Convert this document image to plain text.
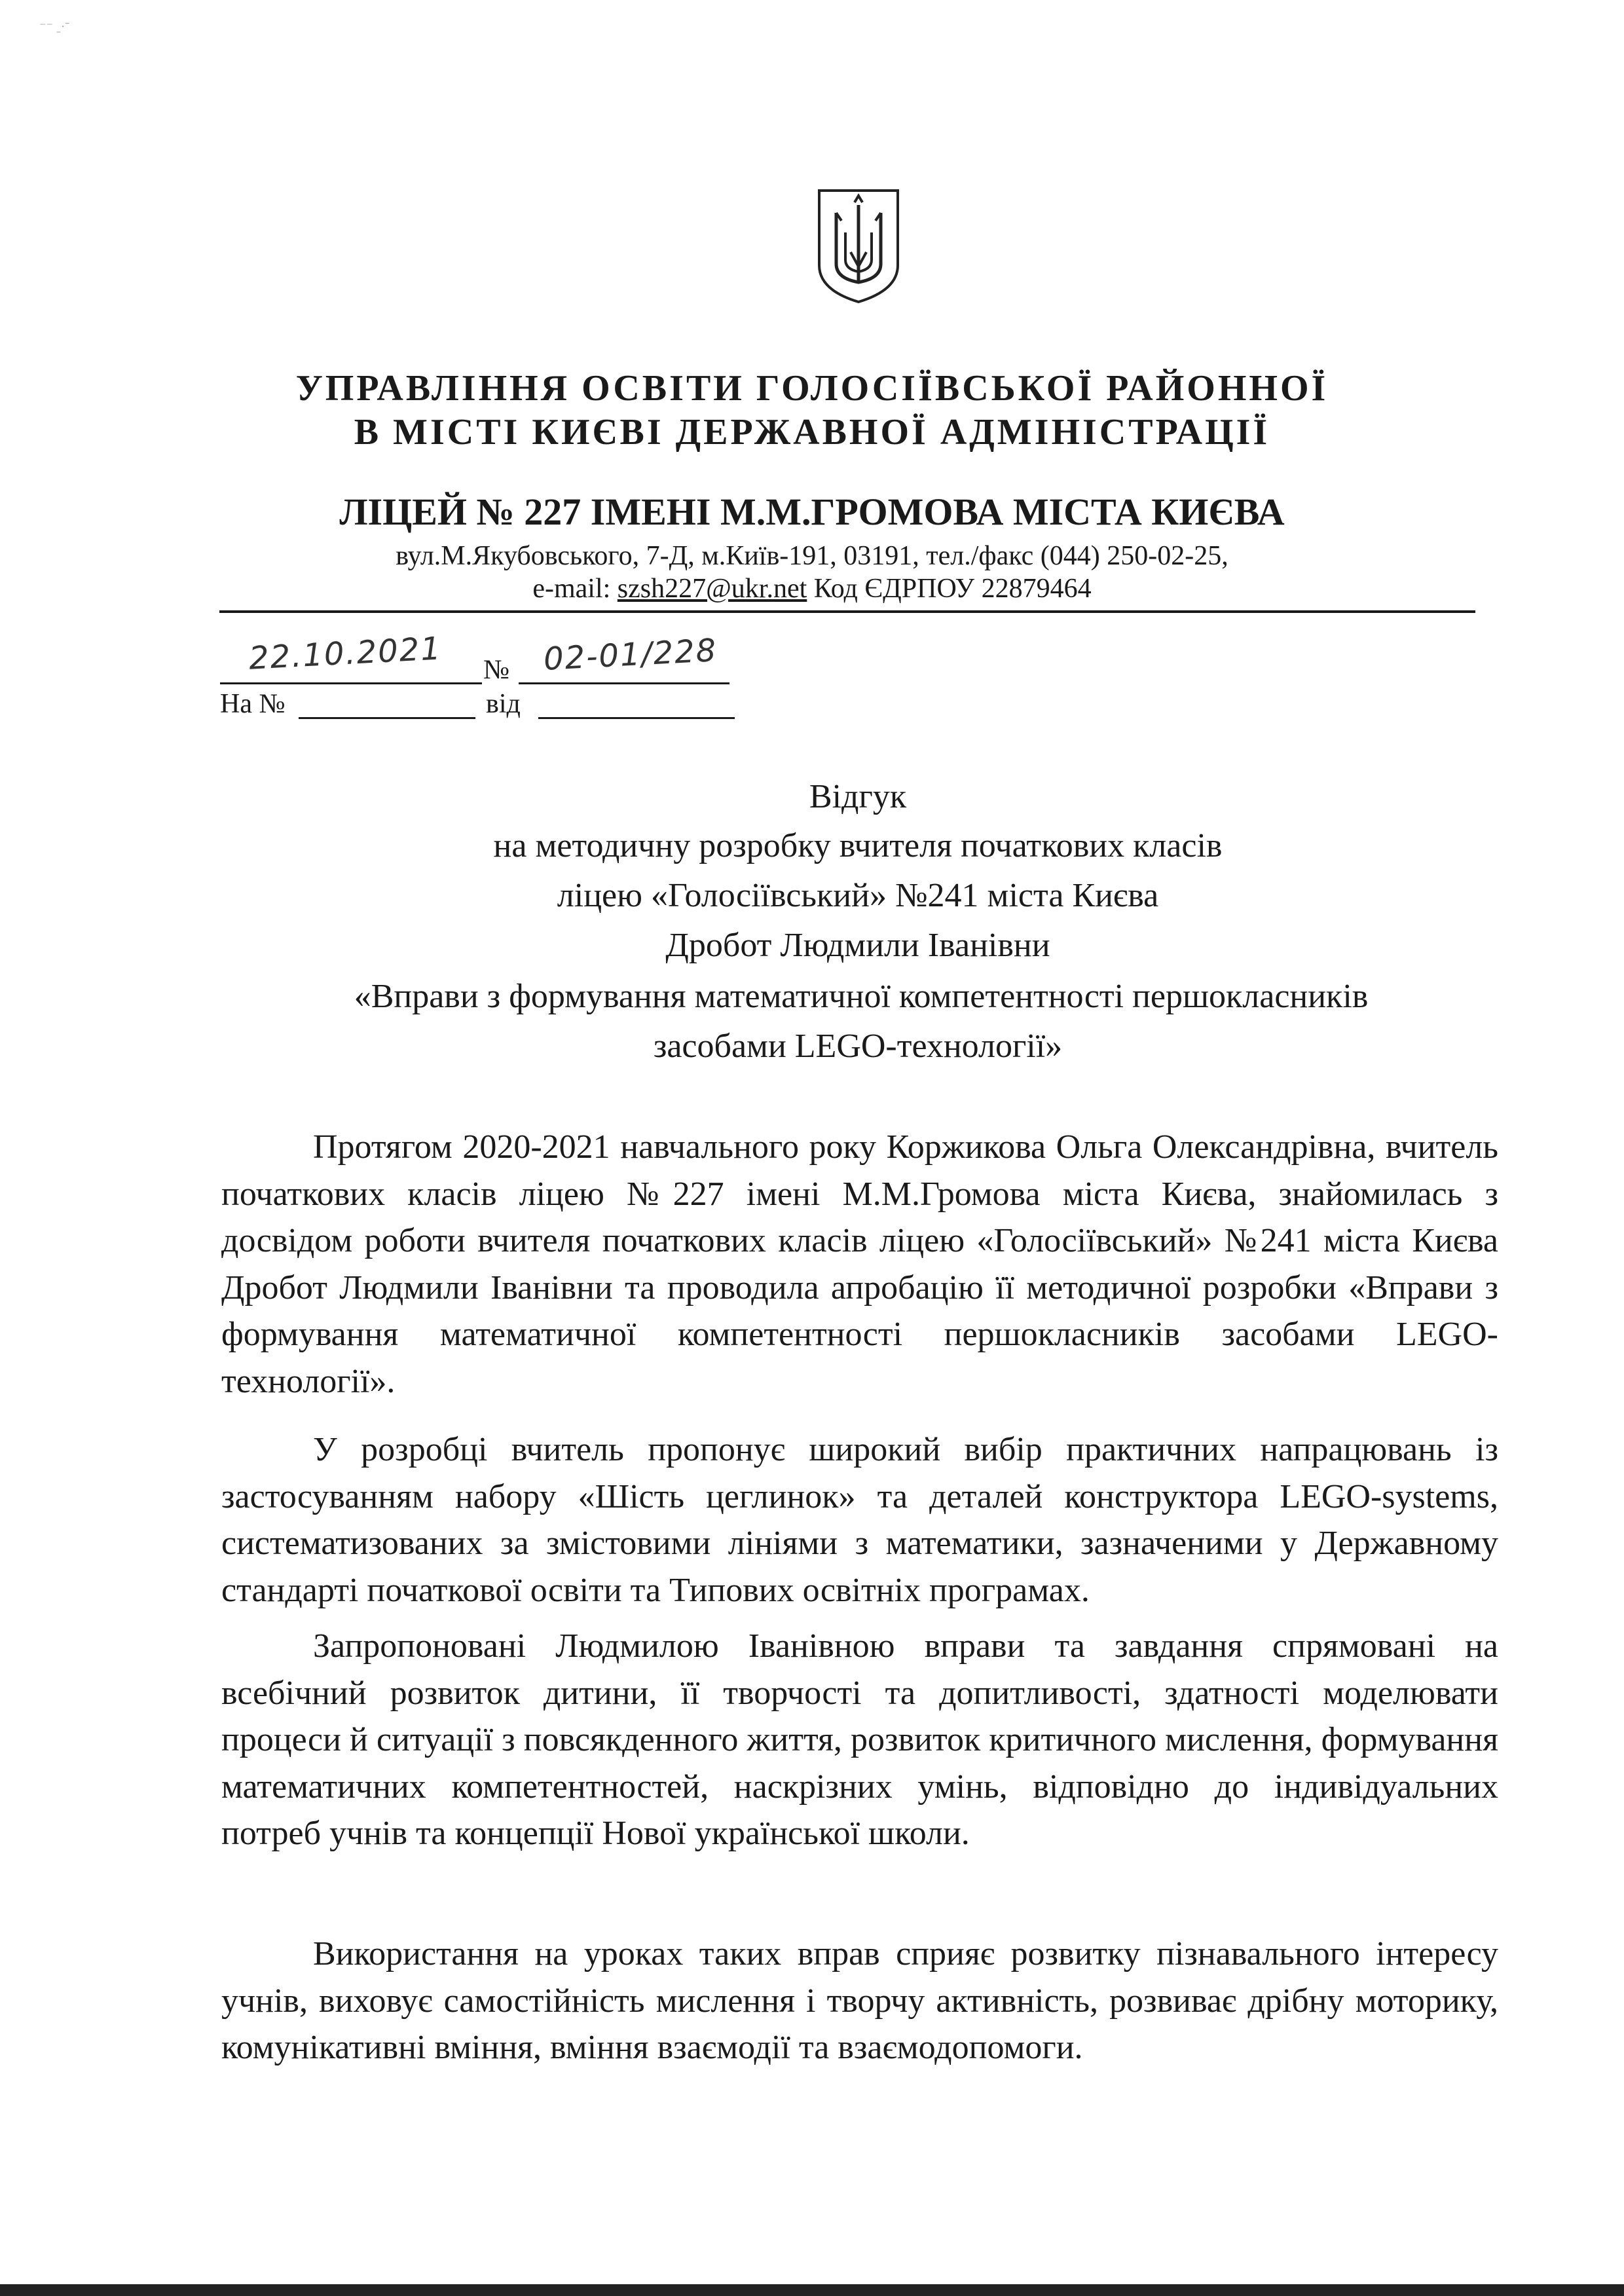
⁻⁻ ˍ·ˉ
УПРАВЛІННЯ ОСВІТИ ГОЛОСІЇВСЬКОЇ РАЙОННОЇ
В МІСТІ КИЄВІ ДЕРЖАВНОЇ АДМІНІСТРАЦІЇ
ЛІЦЕЙ № 227 ІМЕНІ М.М.ГРОМОВА МІСТА КИЄВА
вул.М.Якубовського, 7-Д, м.Київ-191, 03191, тел./факс (044) 250-02-25,
e-mail: szsh227@ukr.net Код ЄДРПОУ 22879464
22.10.2021 № 02-01/228
На №	від
Відгук
на методичну розробку вчителя початкових класів
ліцею «Голосіївський» №241 міста Києва
Дробот Людмили Іванівни
«Вправи з формування математичної компетентності першокласників
засобами LEGO-технології»
Протягом 2020-2021 навчального року Коржикова Ольга Олександрівна, вчитель початкових класів ліцею №227 імені М.М.Громова міста Києва, знайомилась з досвідом роботи вчителя початкових класів ліцею «Голосіївський» №241 міста Києва Дробот Людмили Іванівни та проводила апробацію її методичної розробки «Вправи з формування математичної компетентності першокласників засобами LEGO-технології».
У розробці вчитель пропонує широкий вибір практичних напрацювань із застосуванням набору «Шість цеглинок» та деталей конструктора LEGO-systems, систематизованих за змістовими лініями з математики, зазначеними у Державному стандарті початкової освіти та Типових освітніх програмах.
Запропоновані Людмилою Іванівною вправи та завдання спрямовані на всебічний розвиток дитини, її творчості та допитливості, здатності моделювати процеси й ситуації з повсякденного життя, розвиток критичного мислення, формування математичних компетентностей, наскрізних умінь, відповідно до індивідуальних потреб учнів та концепції Нової української школи.
Використання на уроках таких вправ сприяє розвитку пізнавального інтересу учнів, виховує самостійність мислення і творчу активність, розвиває дрібну моторику, комунікативні вміння, вміння взаємодії та взаємодопомоги.
